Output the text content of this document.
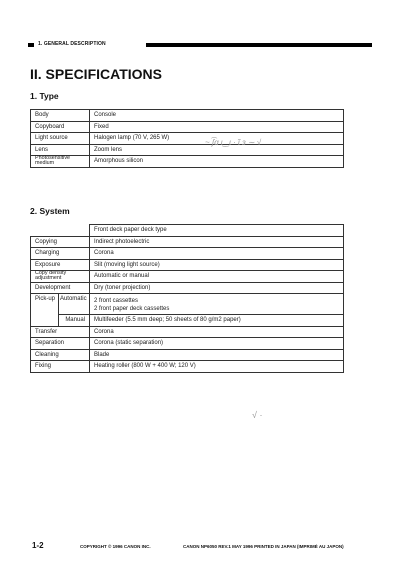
1. GENERAL DESCRIPTION
II. SPECIFICATIONS
1. Type
Body	Console
Copyboard	Fixed
Light source	Halogen lamp (70 V, 265 W)
Lens	Zoom lens
Photosensitive medium	Amorphous silicon
~ ʃ͡ɑ ɩ‿ɩ · ɩ̃ ɜ ∼ √
2. System
		Front deck paper deck type
Copying		Indirect photoelectric
Charging		Corona
Exposure		Slit (moving light source)
Copy density adjustment		Automatic or manual
Development		Dry (toner projection)
Pick-up	Automatic	2 front cassettes
2 front paper deck cassettes

	Manual	Multifeeder (5.5 mm deep; 50 sheets of 80 g/m2 paper)
Transfer		Corona
Separation		Corona (static separation)
Cleaning		Blade
Fixing		Heating roller (800 W + 400 W; 120 V)
√ ·
1-2	COPYRIGHT © 1996 CANON INC.	CANON NP6050 REV.1 MAY 1996 PRINTED IN JAPAN (IMPRIMÉ AU JAPON)
